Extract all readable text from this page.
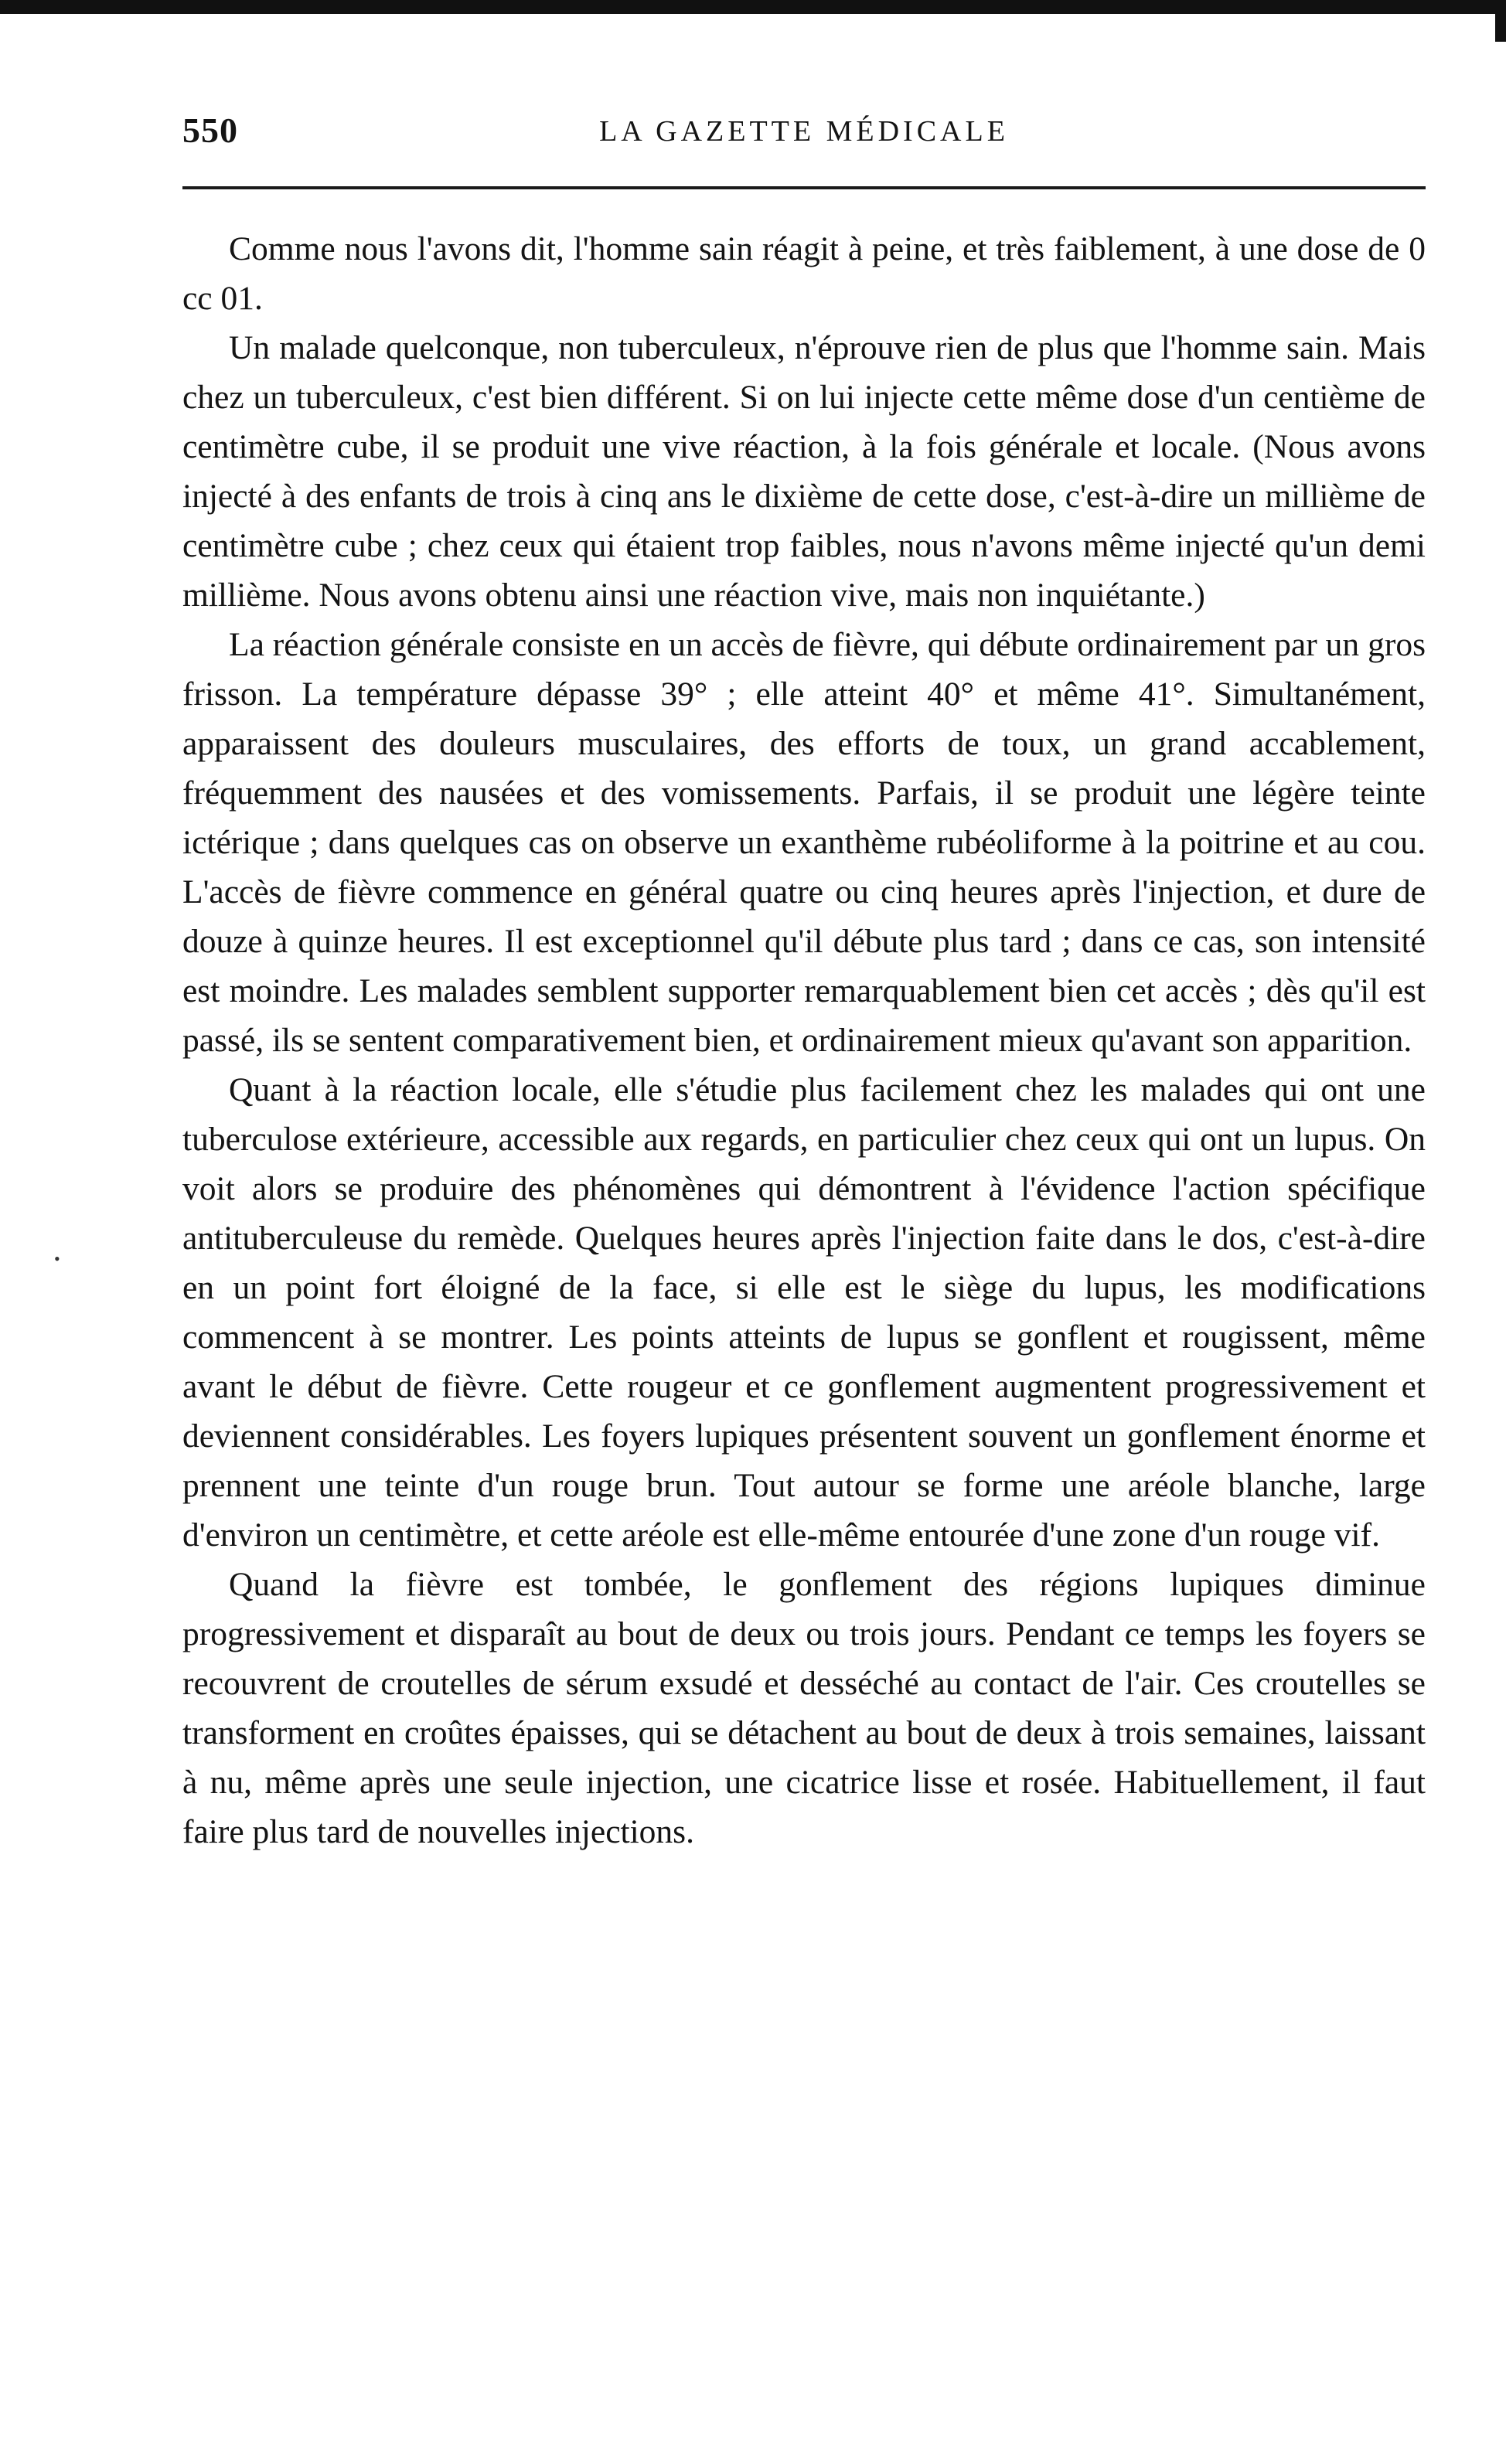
550	LA GAZETTE MÉDICALE

Comme nous l'avons dit, l'homme sain réagit à peine, et très faiblement, à une dose de 0 cc 01.

Un malade quelconque, non tuberculeux, n'éprouve rien de plus que l'homme sain. Mais chez un tuberculeux, c'est bien différent. Si on lui injecte cette même dose d'un centième de centimètre cube, il se produit une vive réaction, à la fois générale et locale. (Nous avons injecté à des enfants de trois à cinq ans le dixième de cette dose, c'est-à-dire un millième de centimètre cube ; chez ceux qui étaient trop faibles, nous n'avons même injecté qu'un demi millième. Nous avons obtenu ainsi une réaction vive, mais non inquiétante.)

La réaction générale consiste en un accès de fièvre, qui débute ordinairement par un gros frisson. La température dépasse 39° ; elle atteint 40° et même 41°. Simultanément, apparaissent des douleurs musculaires, des efforts de toux, un grand accablement, fréquemment des nausées et des vomissements. Parfais, il se produit une légère teinte ictérique ; dans quelques cas on observe un exanthème rubéoliforme à la poitrine et au cou. L'accès de fièvre commence en général quatre ou cinq heures après l'injection, et dure de douze à quinze heures. Il est exceptionnel qu'il débute plus tard ; dans ce cas, son intensité est moindre. Les malades semblent supporter remarquablement bien cet accès ; dès qu'il est passé, ils se sentent comparativement bien, et ordinairement mieux qu'avant son apparition.

Quant à la réaction locale, elle s'étudie plus facilement chez les malades qui ont une tuberculose extérieure, accessible aux regards, en particulier chez ceux qui ont un lupus. On voit alors se produire des phénomènes qui démontrent à l'évidence l'action spécifique antituberculeuse du remède. Quelques heures après l'injection faite dans le dos, c'est-à-dire en un point fort éloigné de la face, si elle est le siège du lupus, les modifications commencent à se montrer. Les points atteints de lupus se gonflent et rougissent, même avant le début de fièvre. Cette rougeur et ce gonflement augmentent progressivement et deviennent considérables. Les foyers lupiques présentent souvent un gonflement énorme et prennent une teinte d'un rouge brun. Tout autour se forme une aréole blanche, large d'environ un centimètre, et cette aréole est elle-même entourée d'une zone d'un rouge vif.

Quand la fièvre est tombée, le gonflement des régions lupiques diminue progressivement et disparaît au bout de deux ou trois jours. Pendant ce temps les foyers se recouvrent de croutelles de sérum exsudé et desséché au contact de l'air. Ces croutelles se transforment en croûtes épaisses, qui se détachent au bout de deux à trois semaines, laissant à nu, même après une seule injection, une cicatrice lisse et rosée. Habituellement, il faut faire plus tard de nouvelles injections.

•
